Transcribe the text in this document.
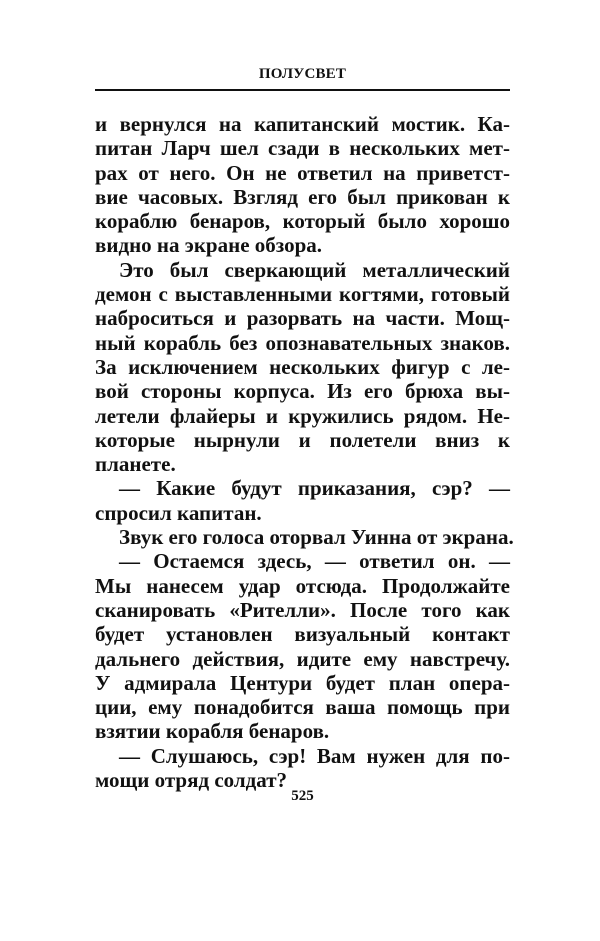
ПОЛУСВЕТ
и вернулся на капитанский мостик. Ка-
питан Ларч шел сзади в нескольких мет-
рах от него. Он не ответил на приветст-
вие часовых. Взгляд его был прикован к
кораблю бенаров, который было хорошо
видно на экране обзора.
Это был сверкающий металлический
демон с выставленными когтями, готовый
наброситься и разорвать на части. Мощ-
ный корабль без опознавательных знаков.
За исключением нескольких фигур с ле-
вой стороны корпуса. Из его брюха вы-
летели флайеры и кружились рядом. Не-
которые нырнули и полетели вниз к
планете.
— Какие будут приказания, сэр? —
спросил капитан.
Звук его голоса оторвал Уинна от экрана.
— Остаемся здесь, — ответил он. —
Мы нанесем удар отсюда. Продолжайте
сканировать «Рителли». После того как
будет установлен визуальный контакт
дальнего действия, идите ему навстречу.
У адмирала Центури будет план опера-
ции, ему понадобится ваша помощь при
взятии корабля бенаров.
— Слушаюсь, сэр! Вам нужен для по-
мощи отряд солдат?
525
